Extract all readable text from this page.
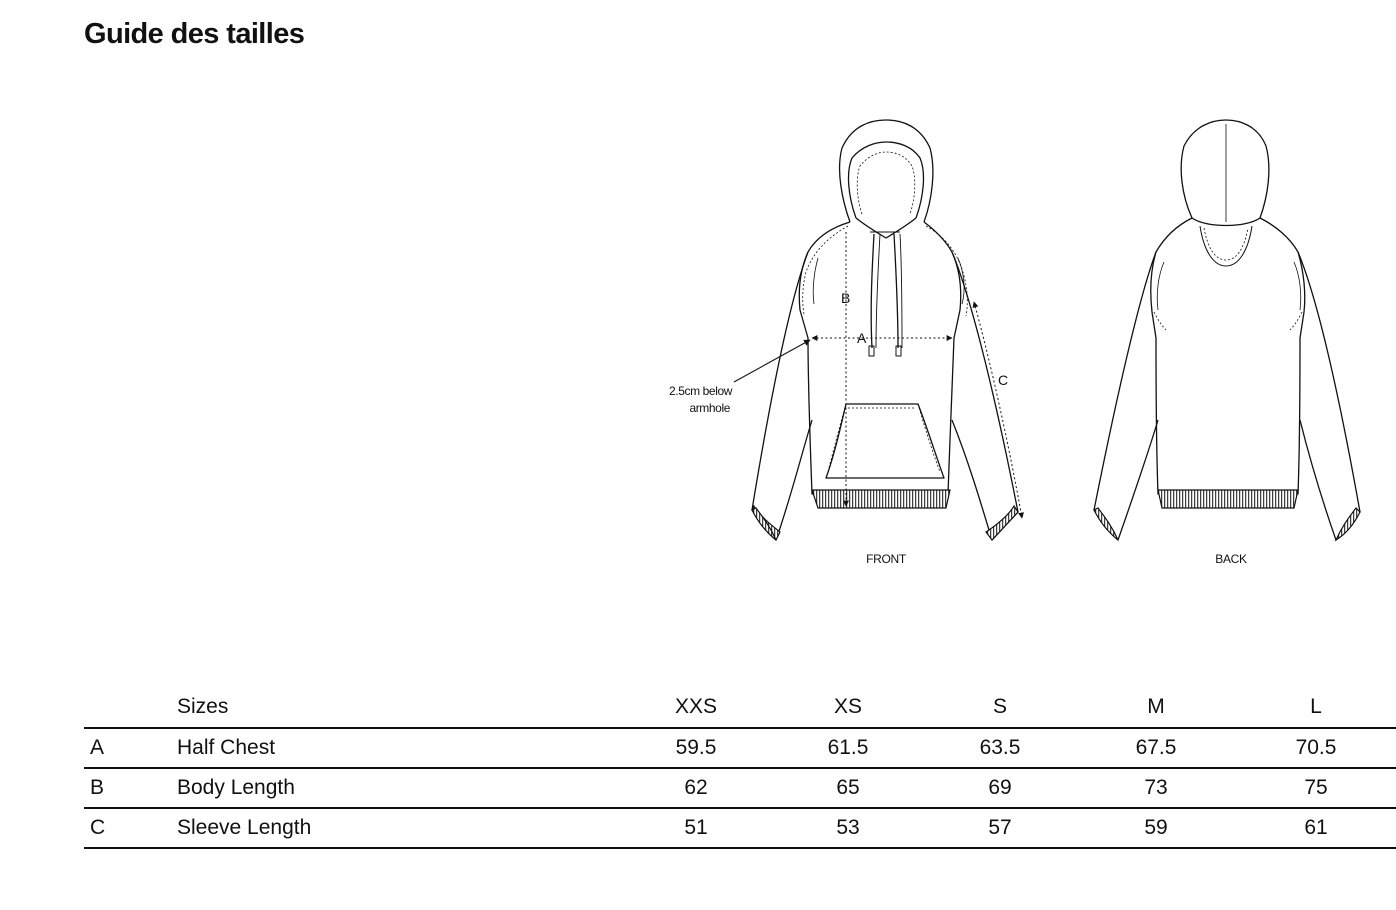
Guide des tailles
B
A
C
2.5cm below
armhole
FRONT	BACK
	Sizes	XXS	XS	S	M	L
A	Half Chest	59.5	61.5	63.5	67.5	70.5
B	Body Length	62	65	69	73	75
C	Sleeve Length	51	53	57	59	61
